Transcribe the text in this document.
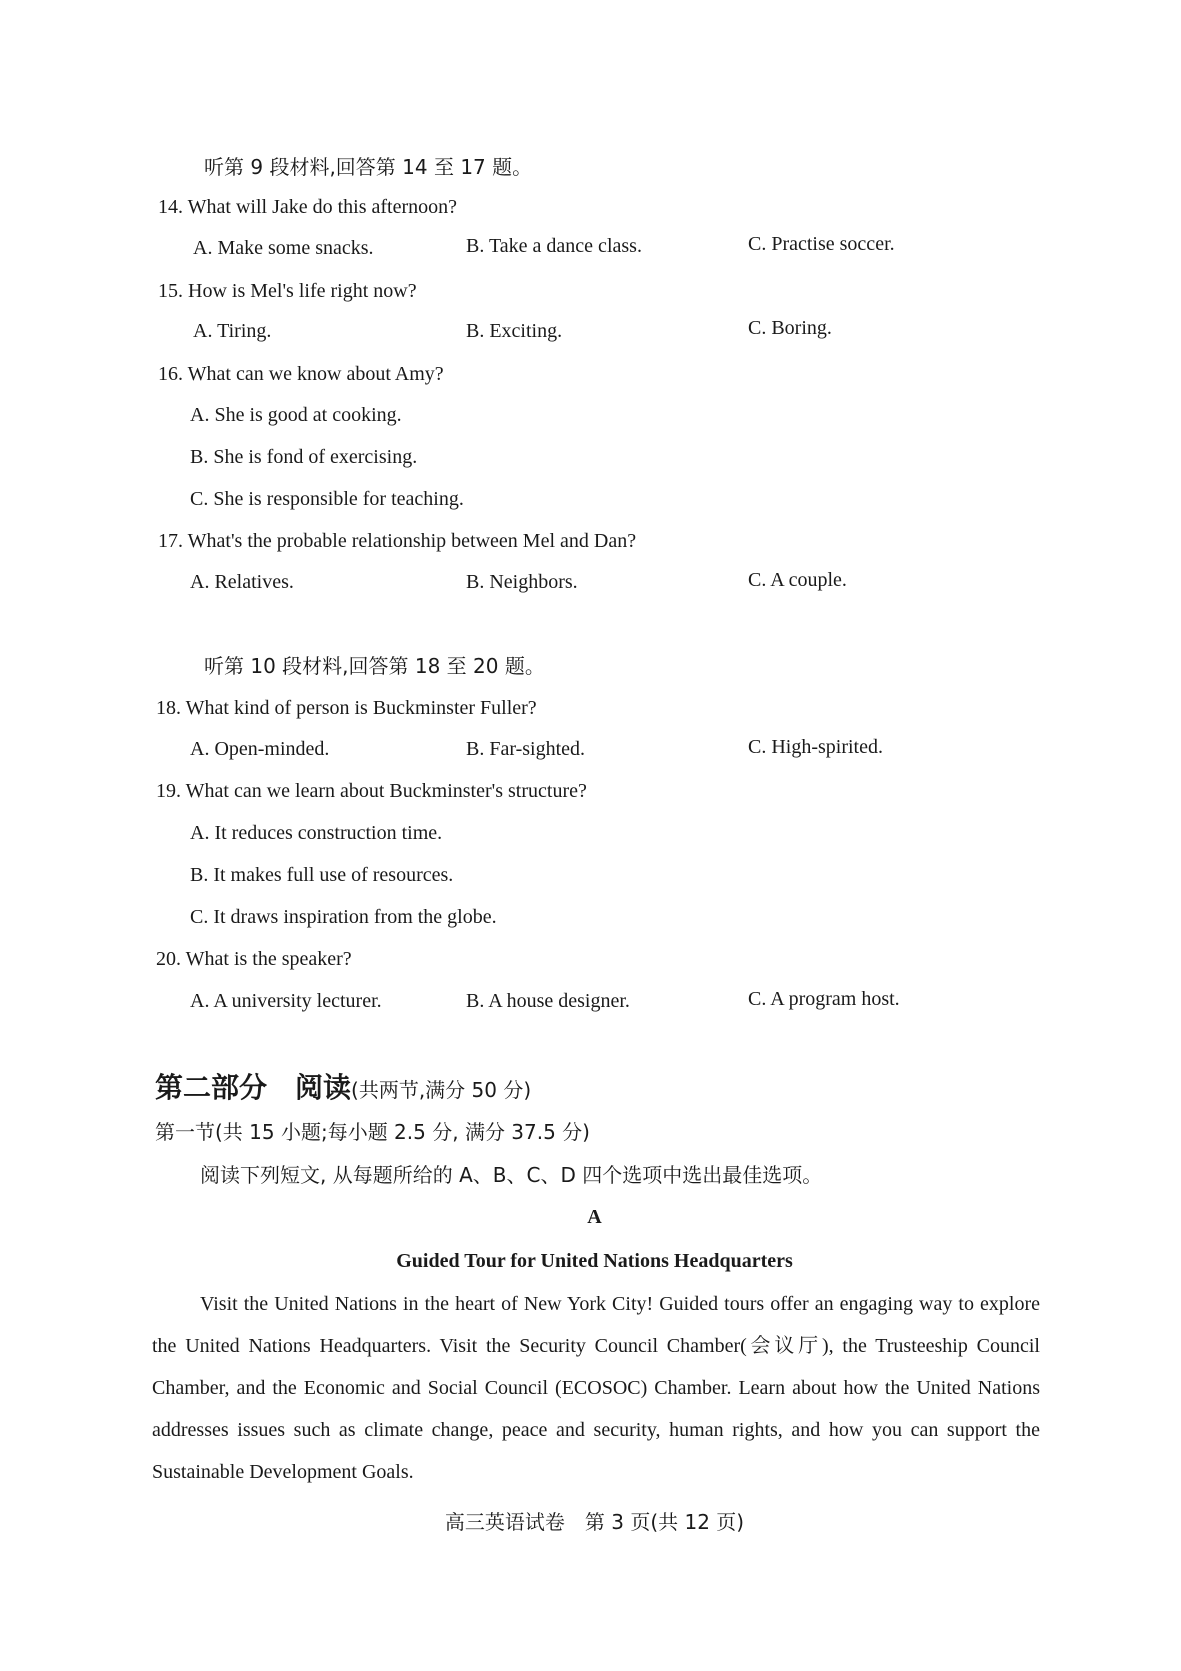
听第 9 段材料,回答第 14 至 17 题。
14. What will Jake do this afternoon?
A. Make some snacks.	B. Take a dance class.	C. Practise soccer.
15. How is Mel's life right now?
A. Tiring.	B. Exciting.	C. Boring.
16. What can we know about Amy?
A. She is good at cooking.
B. She is fond of exercising.
C. She is responsible for teaching.
17. What's the probable relationship between Mel and Dan?
A. Relatives.	B. Neighbors.	C. A couple.
听第 10 段材料,回答第 18 至 20 题。
18. What kind of person is Buckminster Fuller?
A. Open-minded.	B. Far-sighted.	C. High-spirited.
19. What can we learn about Buckminster's structure?
A. It reduces construction time.
B. It makes full use of resources.
C. It draws inspiration from the globe.
20. What is the speaker?
A. A university lecturer.	B. A house designer.	C. A program host.
第二部分　阅读(共两节,满分 50 分)
第一节(共 15 小题;每小题 2.5 分, 满分 37.5 分)
阅读下列短文, 从每题所给的 A、B、C、D 四个选项中选出最佳选项。
A
Guided Tour for United Nations Headquarters
Visit the United Nations in the heart of New York City! Guided tours offer an engaging way to explore the United Nations Headquarters. Visit the Security Council Chamber(会议厅), the Trusteeship Council Chamber, and the Economic and Social Council (ECOSOC) Chamber. Learn about how the United Nations addresses issues such as climate change, peace and security, human rights, and how you can support the Sustainable Development Goals.
高三英语试卷　第 3 页(共 12 页)
